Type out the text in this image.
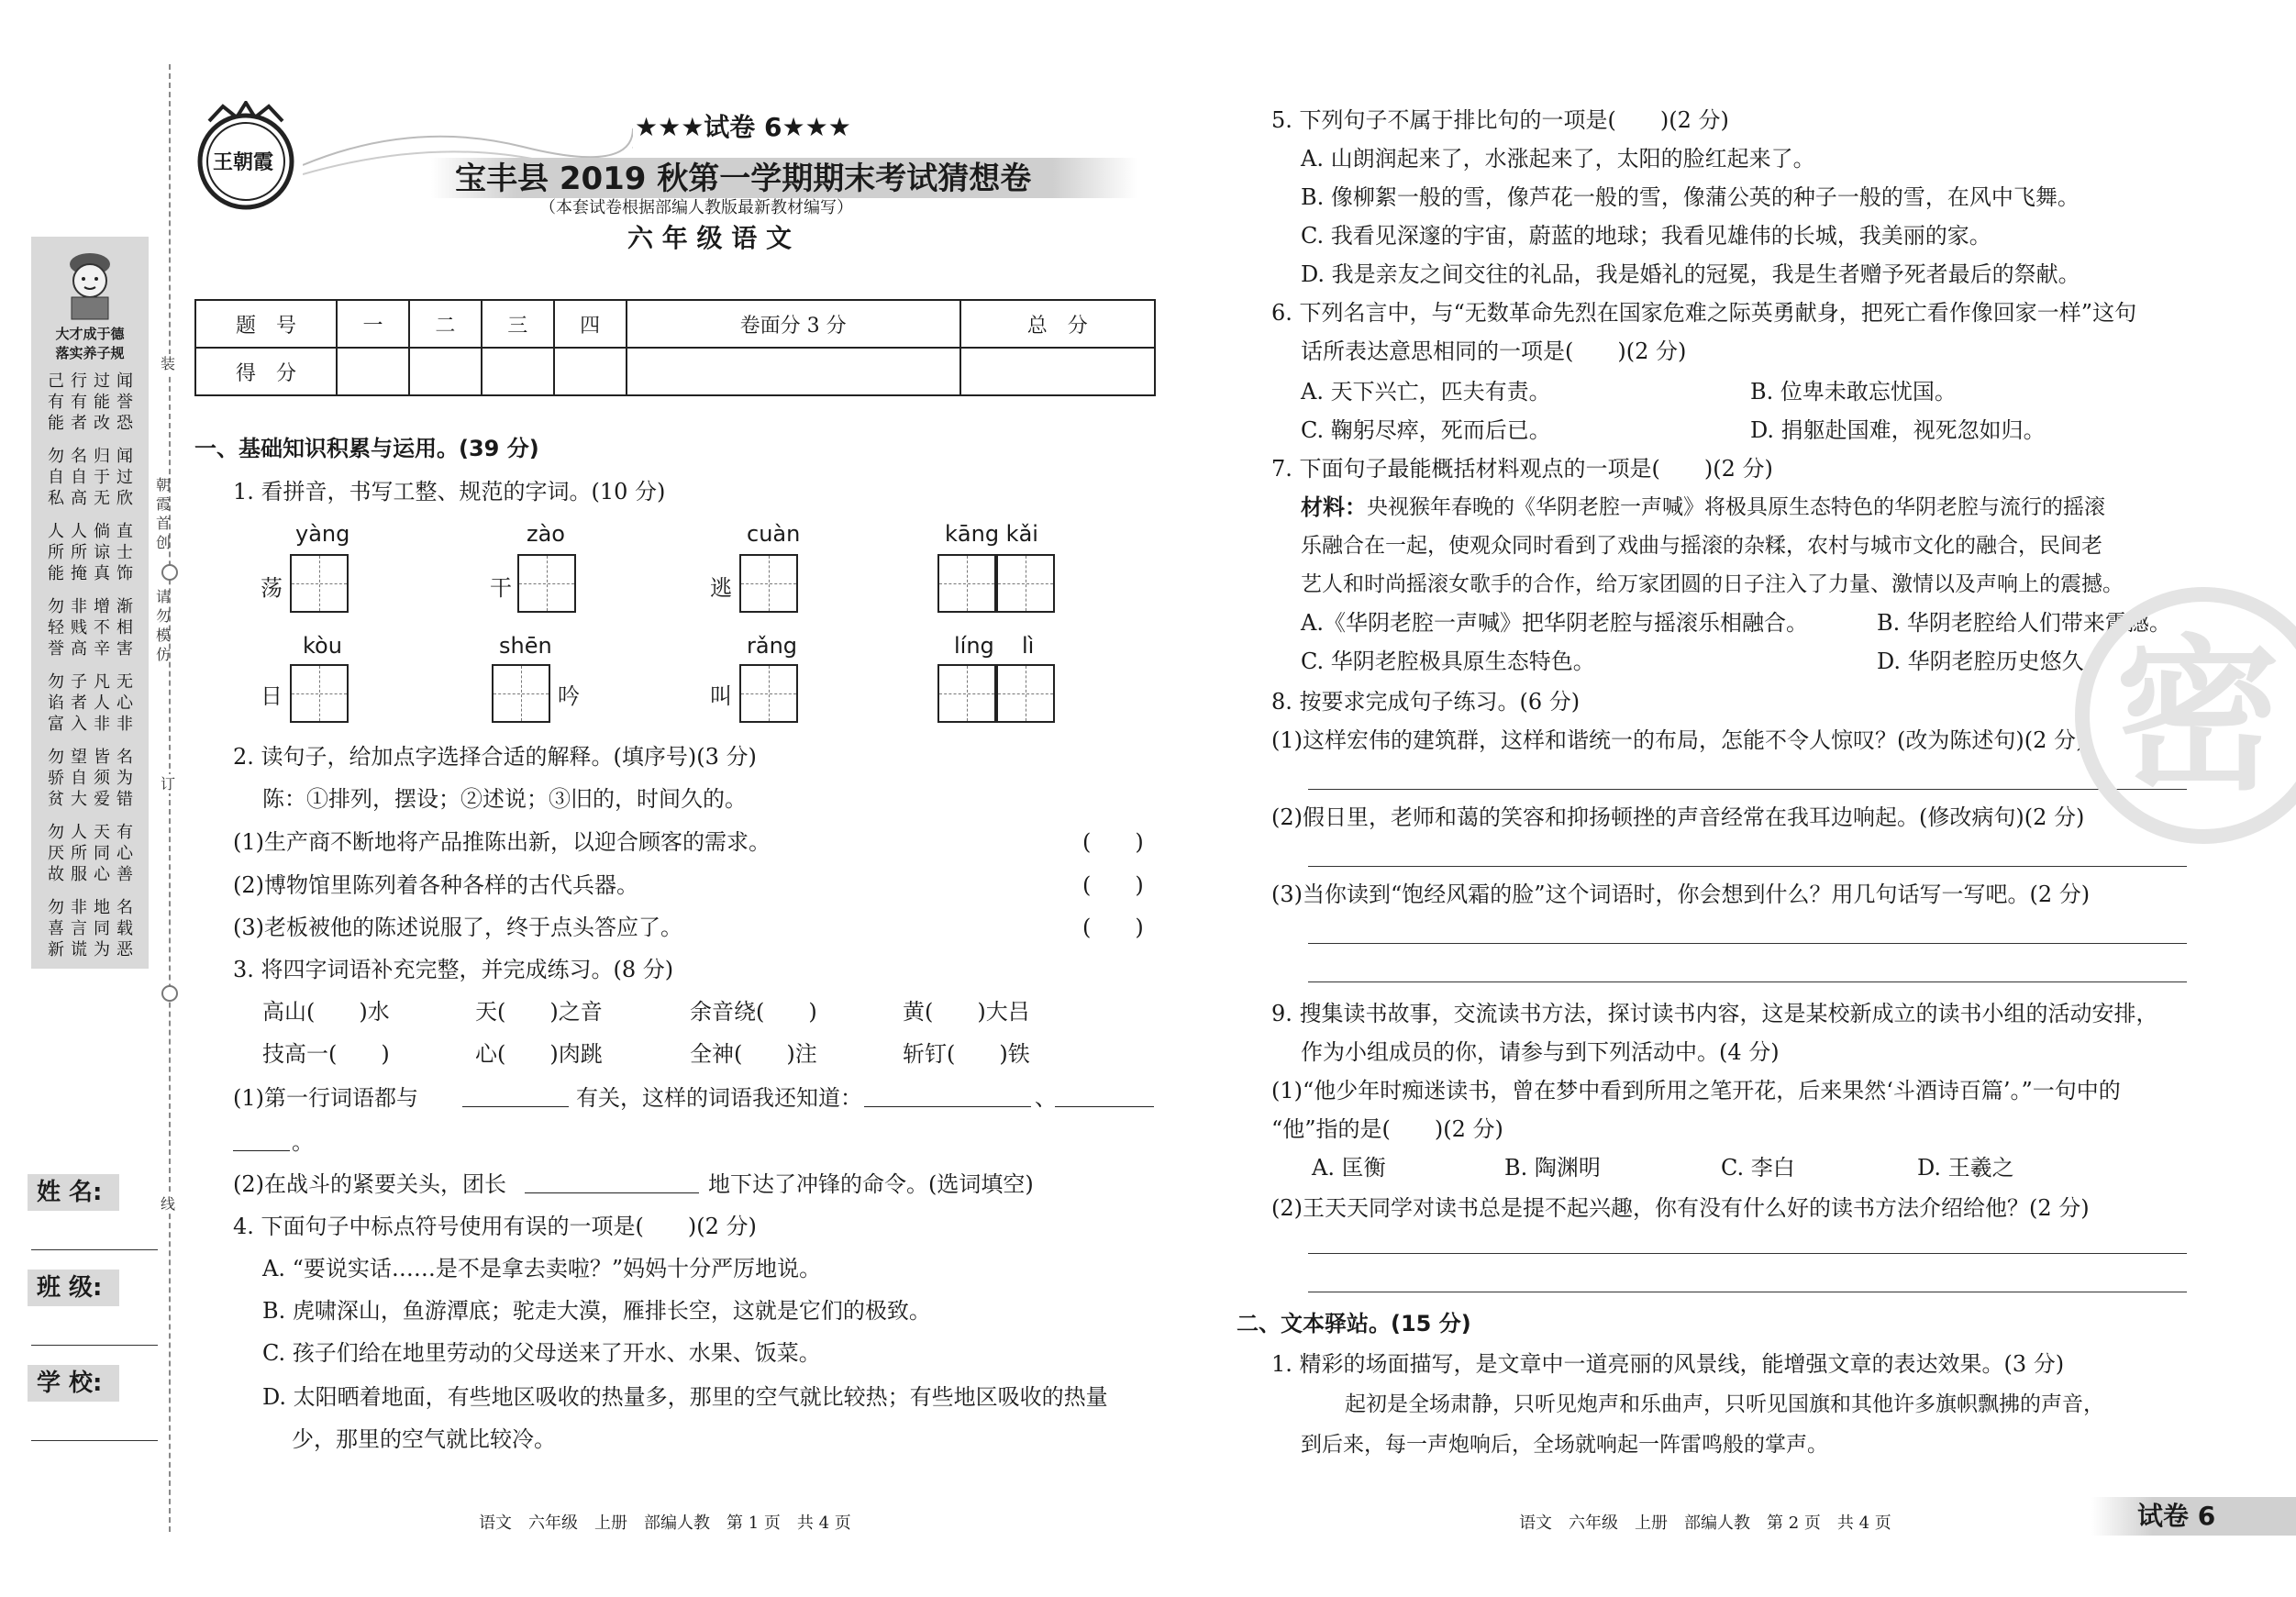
大才成于德
落实养子规
己有能
行有者
过能改
闻誉恐
勿自私
名自高
归于无
闻过欣
人所能
人所掩
倘谅真
直士饰
勿轻誉
非贱高
增不辛
渐相害
勿谄富
子者入
凡人非
无心非
勿骄贫
望自大
皆须爱
名为错
勿厌故
人所服
天同心
有心善
勿喜新
非言谎
地同为
名载恶
装
朝霞首创
请勿模仿
订
线
姓 名:
班 级:
学 校:
王朝霞
★★★试卷 6★★★
宝丰县 2019 秋第一学期期末考试猜想卷
（本套试卷根据部编人教版最新教材编写）
六 年 级 语 文
题　号	一	二	三	四	卷面分 3 分	总　分
得　分						
一、基础知识积累与运用。(39 分)
1. 看拼音，书写工整、规范的字词。(10 分)
yàng
荡
zào
干
cuàn
逃
kāng kǎi
kòu
日
shēn
吟
rǎng
叫
líng lì
2. 读句子，给加点字选择合适的解释。(填序号)(3 分)
陈：①排列，摆设；②述说；③旧的，时间久的。
(1)生产商不断地将产品推陈出新，以迎合顾客的需求。	(　　)
(2)博物馆里陈列着各种各样的古代兵器。	(　　)
(3)老板被他的陈述说服了，终于点头答应了。	(　　)
3. 将四字词语补充完整，并完成练习。(8 分)
高山(　　)水	天(　　)之音	余音绕(　　)	黄(　　)大吕
技高一(　　)	心(　　)肉跳	全神(　　)注	斩钉(　　)铁
(1)第一行词语都与	有关，这样的词语我还知道：	、
。
(2)在战斗的紧要关头，团长	地下达了冲锋的命令。(选词填空)
4. 下面句子中标点符号使用有误的一项是(　　)(2 分)
A. “要说实话……是不是拿去卖啦？”妈妈十分严厉地说。
B. 虎啸深山，鱼游潭底；驼走大漠，雁排长空，这就是它们的极致。
C. 孩子们给在地里劳动的父母送来了开水、水果、饭菜。
D. 太阳晒着地面，有些地区吸收的热量多，那里的空气就比较热；有些地区吸收的热量
少，那里的空气就比较冷。
语文　六年级　上册　部编人教　第 1 页　共 4 页
5. 下列句子不属于排比句的一项是(　　)(2 分)
A. 山朗润起来了，水涨起来了，太阳的脸红起来了。
B. 像柳絮一般的雪，像芦花一般的雪，像蒲公英的种子一般的雪，在风中飞舞。
C. 我看见深邃的宇宙，蔚蓝的地球；我看见雄伟的长城，我美丽的家。
D. 我是亲友之间交往的礼品，我是婚礼的冠冕，我是生者赠予死者最后的祭献。
6. 下列名言中，与“无数革命先烈在国家危难之际英勇献身，把死亡看作像回家一样”这句
话所表达意思相同的一项是(　　)(2 分)
A. 天下兴亡，匹夫有责。	B. 位卑未敢忘忧国。
C. 鞠躬尽瘁，死而后已。	D. 捐躯赴国难，视死忽如归。
7. 下面句子最能概括材料观点的一项是(　　)(2 分)
材料： 央视猴年春晚的《华阴老腔一声喊》将极具原生态特色的华阴老腔与流行的摇滚
乐融合在一起，使观众同时看到了戏曲与摇滚的杂糅，农村与城市文化的融合，民间老
艺人和时尚摇滚女歌手的合作，给万家团圆的日子注入了力量、激情以及声响上的震撼。
A.《华阴老腔一声喊》把华阴老腔与摇滚乐相融合。	B. 华阴老腔给人们带来震撼。
C. 华阴老腔极具原生态特色。	D. 华阴老腔历史悠久。
8. 按要求完成句子练习。(6 分)
(1)这样宏伟的建筑群，这样和谐统一的布局，怎能不令人惊叹？(改为陈述句)(2 分)
(2)假日里，老师和蔼的笑容和抑扬顿挫的声音经常在我耳边响起。(修改病句)(2 分)
(3)当你读到“饱经风霜的脸”这个词语时，你会想到什么？用几句话写一写吧。(2 分)
9. 搜集读书故事，交流读书方法，探讨读书内容，这是某校新成立的读书小组的活动安排，
作为小组成员的你，请参与到下列活动中。(4 分)
(1)“他少年时痴迷读书，曾在梦中看到所用之笔开花，后来果然‘斗酒诗百篇’。”一句中的
“他”指的是(　　)(2 分)
A. 匡衡	B. 陶渊明	C. 李白	D. 王羲之
(2)王天天同学对读书总是提不起兴趣，你有没有什么好的读书方法介绍给他？(2 分)
二、文本驿站。(15 分)
1. 精彩的场面描写，是文章中一道亮丽的风景线，能增强文章的表达效果。(3 分)
起初是全场肃静，只听见炮声和乐曲声，只听见国旗和其他许多旗帜飘拂的声音，
到后来，每一声炮响后，全场就响起一阵雷鸣般的掌声。
语文　六年级　上册　部编人教　第 2 页　共 4 页	试卷 6
密
